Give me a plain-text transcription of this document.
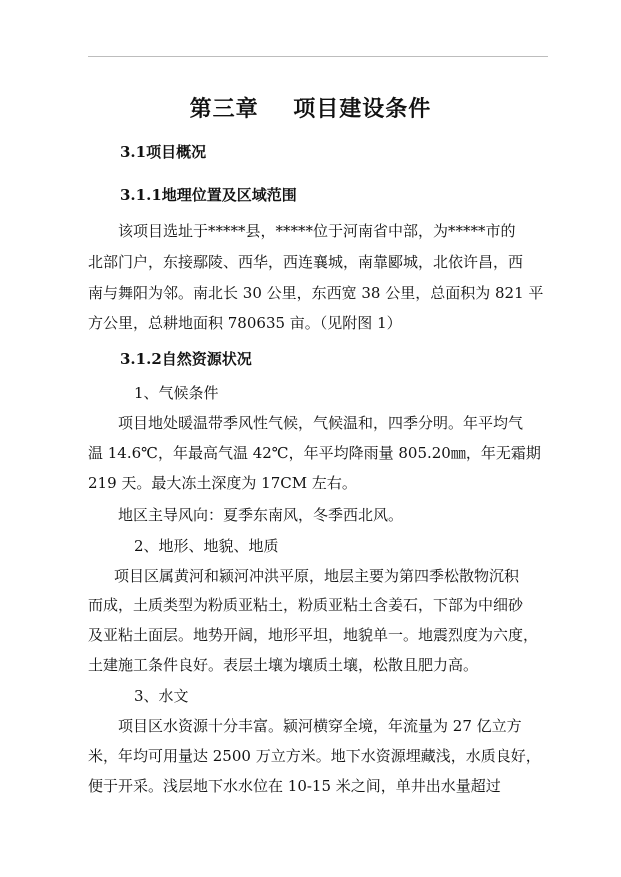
第三章    项目建设条件
3.1项目概况
3.1.1地理位置及区域范围
该项目选址于*****县，*****位于河南省中部，为*****市的
北部门户，东接鄢陵、西华，西连襄城，南靠郾城，北依许昌，西
南与舞阳为邻。南北长 30 公里，东西宽 38 公里，总面积为 821 平
方公里，总耕地面积 780635 亩。（见附图 1）
3.1.2自然资源状况
1、气候条件
项目地处暖温带季风性气候，气候温和，四季分明。年平均气
温 14.6℃，年最高气温 42℃，年平均降雨量 805.20㎜，年无霜期
219 天。最大冻土深度为 17CM 左右。
地区主导风向：夏季东南风，冬季西北风。
2、地形、地貌、地质
项目区属黄河和颍河冲洪平原，地层主要为第四季松散物沉积
而成，土质类型为粉质亚粘土，粉质亚粘土含姜石，下部为中细砂
及亚粘土面层。地势开阔，地形平坦，地貌单一。地震烈度为六度，
土建施工条件良好。表层土壤为壤质土壤，松散且肥力高。
3、水文
项目区水资源十分丰富。颍河横穿全境，年流量为 27 亿立方
米，年均可用量达 2500 万立方米。地下水资源埋藏浅，水质良好，
便于开采。浅层地下水水位在 10-15 米之间，单井出水量超过
